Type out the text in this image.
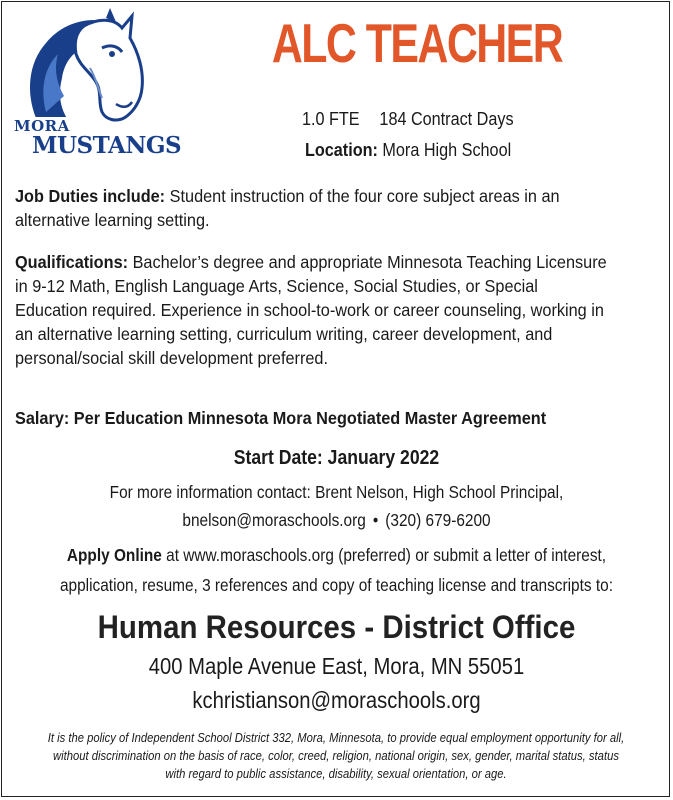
MORA
MUSTANGS
ALC TEACHER
1.0 FTE 184 Contract Days
Location: Mora High School
Job Duties include: Student instruction of the four core subject areas in an alternative learning setting.
Qualifications: Bachelor’s degree and appropriate Minnesota Teaching Licensure in 9-12 Math, English Language Arts, Science, Social Studies, or Special Education required. Experience in school-to-work or career counseling, working in an alternative learning setting, curriculum writing, career development, and personal/social skill development preferred.
Salary: Per Education Minnesota Mora Negotiated Master Agreement
Start Date: January 2022
For more information contact: Brent Nelson, High School Principal,
bnelson@moraschools.org • (320) 679-6200
Apply Online at www.moraschools.org (preferred) or submit a letter of interest,
application, resume, 3 references and copy of teaching license and transcripts to:
Human Resources - District Office
400 Maple Avenue East, Mora, MN 55051
kchristianson@moraschools.org
It is the policy of Independent School District 332, Mora, Minnesota, to provide equal employment opportunity for all, without discrimination on the basis of race, color, creed, religion, national origin, sex, gender, marital status, status with regard to public assistance, disability, sexual orientation, or age.
